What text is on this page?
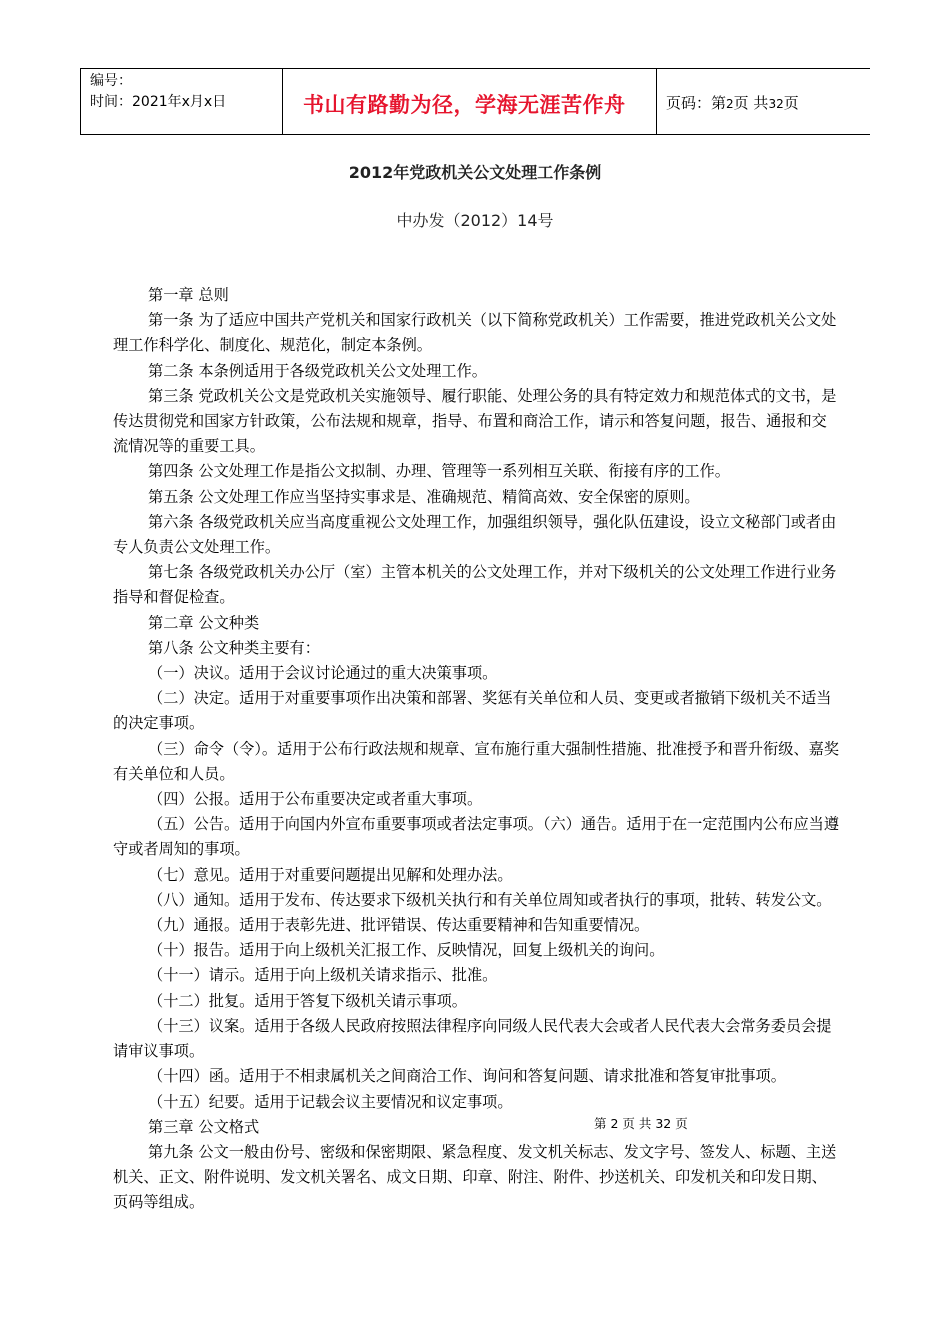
编号：
时间：2021年x月x日	书山有路勤为径，学海无涯苦作舟	页码：第2页 共32页
2012年党政机关公文处理工作条例
中办发（2012）14号

第一章 总则

第一条 为了适应中国共产党机关和国家行政机关（以下简称党政机关）工作需要，推进党政机关公文处理工作科学化、制度化、规范化，制定本条例。

第二条 本条例适用于各级党政机关公文处理工作。

第三条 党政机关公文是党政机关实施领导、履行职能、处理公务的具有特定效力和规范体式的文书，是传达贯彻党和国家方针政策，公布法规和规章，指导、布置和商洽工作，请示和答复问题，报告、通报和交流情况等的重要工具。

第四条 公文处理工作是指公文拟制、办理、管理等一系列相互关联、衔接有序的工作。

第五条 公文处理工作应当坚持实事求是、准确规范、精简高效、安全保密的原则。

第六条 各级党政机关应当高度重视公文处理工作，加强组织领导，强化队伍建设，设立文秘部门或者由专人负责公文处理工作。

第七条 各级党政机关办公厅（室）主管本机关的公文处理工作，并对下级机关的公文处理工作进行业务指导和督促检查。

第二章 公文种类

第八条 公文种类主要有：

（一）决议。适用于会议讨论通过的重大决策事项。

（二）决定。适用于对重要事项作出决策和部署、奖惩有关单位和人员、变更或者撤销下级机关不适当的决定事项。

（三）命令（令）。适用于公布行政法规和规章、宣布施行重大强制性措施、批准授予和晋升衔级、嘉奖有关单位和人员。

（四）公报。适用于公布重要决定或者重大事项。

（五）公告。适用于向国内外宣布重要事项或者法定事项。（六）通告。适用于在一定范围内公布应当遵守或者周知的事项。

（七）意见。适用于对重要问题提出见解和处理办法。

（八）通知。适用于发布、传达要求下级机关执行和有关单位周知或者执行的事项，批转、转发公文。

（九）通报。适用于表彰先进、批评错误、传达重要精神和告知重要情况。

（十）报告。适用于向上级机关汇报工作、反映情况，回复上级机关的询问。

（十一）请示。适用于向上级机关请求指示、批准。

（十二）批复。适用于答复下级机关请示事项。

（十三）议案。适用于各级人民政府按照法律程序向同级人民代表大会或者人民代表大会常务委员会提请审议事项。

（十四）函。适用于不相隶属机关之间商洽工作、询问和答复问题、请求批准和答复审批事项。

（十五）纪要。适用于记载会议主要情况和议定事项。

第三章 公文格式

第九条 公文一般由份号、密级和保密期限、紧急程度、发文机关标志、发文字号、签发人、标题、主送机关、正文、附件说明、发文机关署名、成文日期、印章、附注、附件、抄送机关、印发机关和印发日期、页码等组成。

第 2 页 共 32 页
